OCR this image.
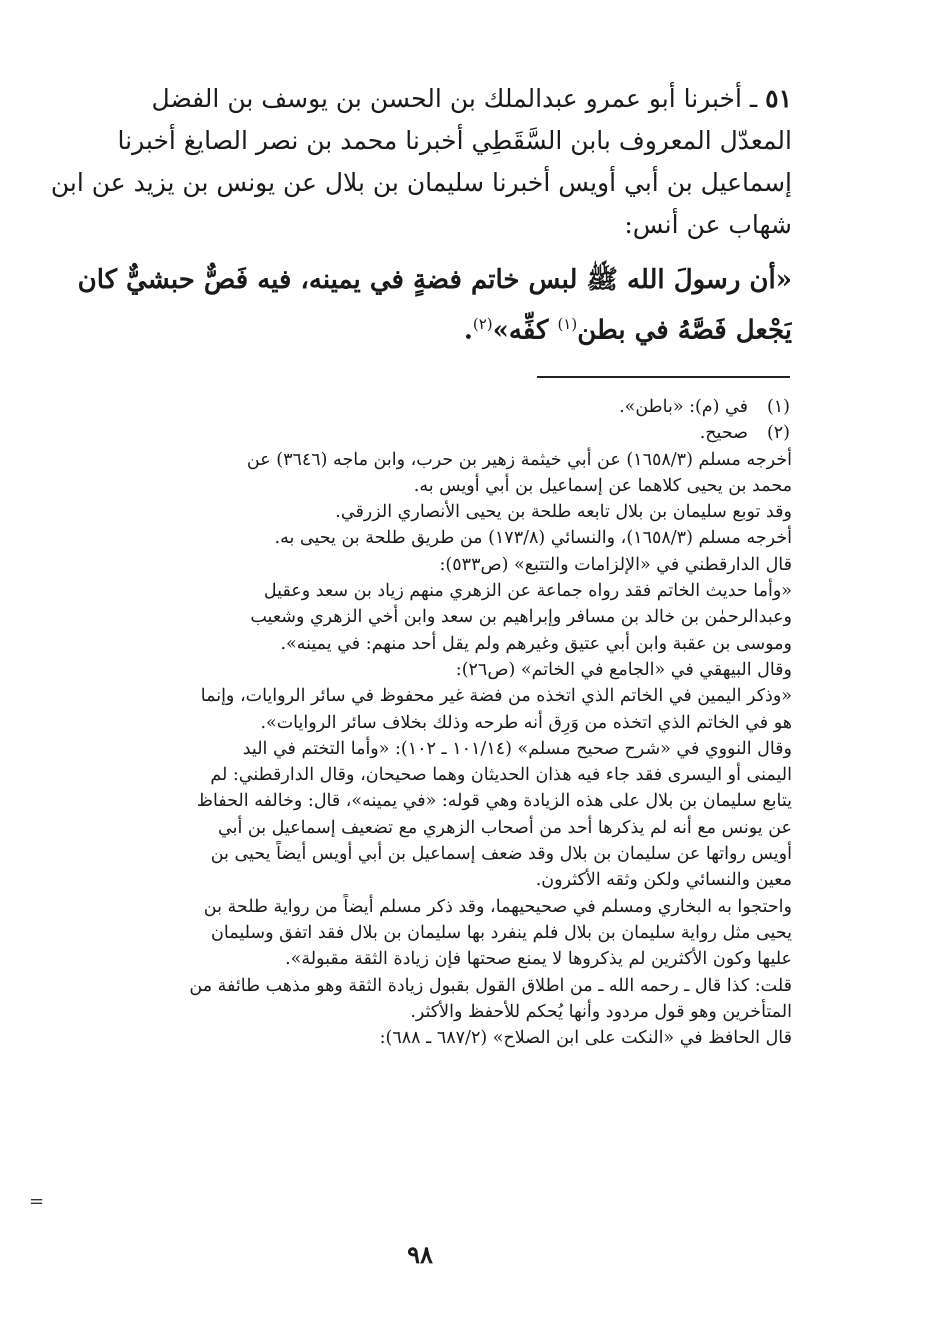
٥١ ـ أخبرنا أبو عمرو عبدالملك بن الحسن بن يوسف بن الفضل
المعدّل المعروف بابن السَّقَطِي أخبرنا محمد بن نصر الصايغ أخبرنا
إسماعيل بن أبي أويس أخبرنا سليمان بن بلال عن يونس بن يزيد عن ابن
شهاب عن أنس:
«أن رسولَ الله ﷺ لبس خاتم فضةٍ في يمينه، فيه فَصٌّ حبشيٌّ كان
يَجْعل فَصَّهُ في بطن$^{(١)}$ كفِّه»$^{(٢)}$.
(١)في (م): «باطن».
(٢)صحيح.
أخرجه مسلم (١٦٥٨/٣) عن أبي خيثمة زهير بن حرب، وابن ماجه (٣٦٤٦) عن
محمد بن يحيى كلاهما عن إسماعيل بن أبي أويس به.
وقد توبع سليمان بن بلال تابعه طلحة بن يحيى الأنصاري الزرقي.
أخرجه مسلم (١٦٥٨/٣)، والنسائي (١٧٣/٨) من طريق طلحة بن يحيى به.
قال الدارقطني في «الإلزامات والتتبع» (ص٥٣٣):
«وأما حديث الخاتم فقد رواه جماعة عن الزهري منهم زياد بن سعد وعقيل
وعبدالرحمٰن بن خالد بن مسافر وإبراهيم بن سعد وابن أخي الزهري وشعيب
وموسى بن عقبة وابن أبي عتيق وغيرهم ولم يقل أحد منهم: في يمينه».
وقال البيهقي في «الجامع في الخاتم» (ص٢٦):
«وذكر اليمين في الخاتم الذي اتخذه من فضة غير محفوظ في سائر الروايات، وإنما
هو في الخاتم الذي اتخذه من وَرِق أنه طرحه وذلك بخلاف سائر الروايات».
وقال النووي في «شرح صحيح مسلم» (١٠١/١٤ ـ ١٠٢): «وأما التختم في اليد
اليمنى أو اليسرى فقد جاء فيه هذان الحديثان وهما صحيحان، وقال الدارقطني: لم
يتابع سليمان بن بلال على هذه الزيادة وهي قوله: «في يمينه»، قال: وخالفه الحفاظ
عن يونس مع أنه لم يذكرها أحد من أصحاب الزهري مع تضعيف إسماعيل بن أبي
أويس رواتها عن سليمان بن بلال وقد ضعف إسماعيل بن أبي أويس أيضاً يحيى بن
معين والنسائي ولكن وثقه الأكثرون.
واحتجوا به البخاري ومسلم في صحيحيهما، وقد ذكر مسلم أيضاً من رواية طلحة بن
يحيى مثل رواية سليمان بن بلال فلم ينفرد بها سليمان بن بلال فقد اتفق وسليمان
عليها وكون الأكثرين لم يذكروها لا يمنع صحتها فإن زيادة الثقة مقبولة».
قلت: كذا قال ـ رحمه الله ـ من اطلاق القول بقبول زيادة الثقة وهو مذهب طائفة من
المتأخرين وهو قول مردود وأنها يُحكم للأحفظ والأكثر.
قال الحافظ في «النكت على ابن الصلاح» (٦٨٧/٢ ـ ٦٨٨):
=
٩٨
